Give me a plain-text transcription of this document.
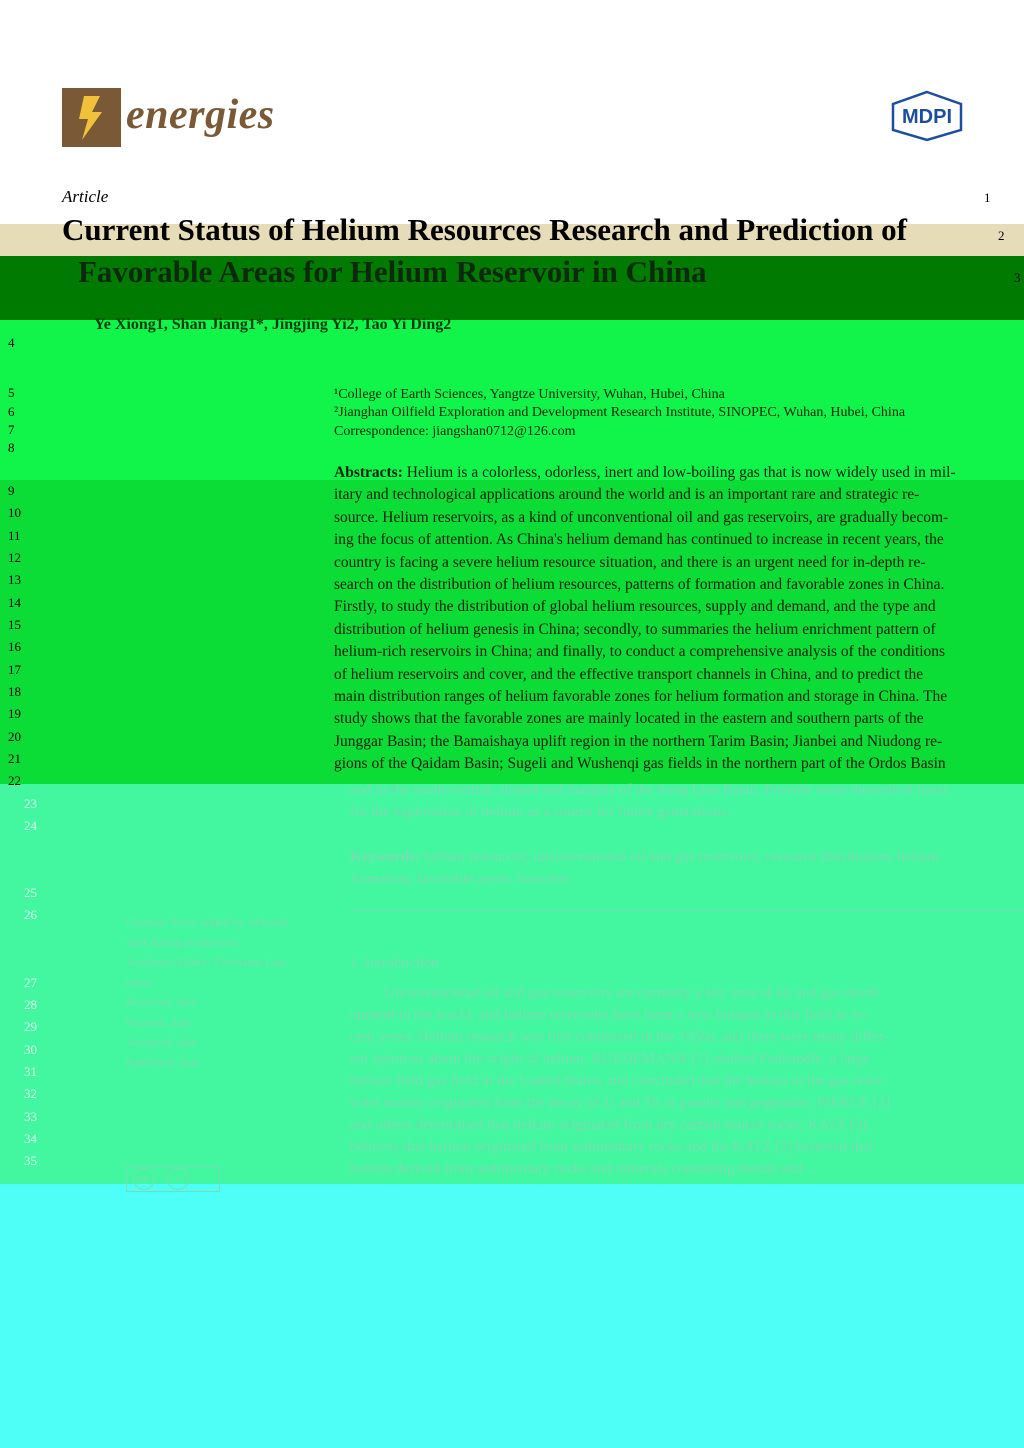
energies	MDPI
Article
Current Status of Helium Resources Research and Prediction of
Favorable Areas for Helium Reservoir in China
Ye Xiong1, Shan Jiang1*, Jingjing Yi2, Tao Yi Ding2
¹College of Earth Sciences, Yangtze University, Wuhan, Hubei, China
²Jianghan Oilfield Exploration and Development Research Institute, SINOPEC, Wuhan, Hubei, China
Correspondence: jiangshan0712@126.com
Abstracts: Helium is a colorless, odorless, inert and low-boiling gas that is now widely used in mil-
itary and technological applications around the world and is an important rare and strategic re-
source. Helium reservoirs, as a kind of unconventional oil and gas reservoirs, are gradually becom-
ing the focus of attention. As China's helium demand has continued to increase in recent years, the
country is facing a severe helium resource situation, and there is an urgent need for in-depth re-
search on the distribution of helium resources, patterns of formation and favorable zones in China.
Firstly, to study the distribution of global helium resources, supply and demand, and the type and
distribution of helium genesis in China; secondly, to summaries the helium enrichment pattern of
helium-rich reservoirs in China; and finally, to conduct a comprehensive analysis of the conditions
of helium reservoirs and cover, and the effective transport channels in China, and to predict the
main distribution ranges of helium favorable zones for helium formation and storage in China. The
study shows that the favorable zones are mainly located in the eastern and southern parts of the
Junggar Basin; the Bamaishaya uplift region in the northern Tarim Basin; Jianbei and Niudong re-
gions of the Qaidam Basin; Sugeli and Wushenqi gas fields in the northern part of the Ordos Basin
and in the south-central, sloped and margins of the Song Liao Basin. Provide some theoretical basis
for the exploration of helium as a source for future generations.
Keywords: helium resources; unconventional oil and gas reservoirs; resource distribution; helium
formation; favorable areas; forecasts
Citation: To be added by editorial
staff during production.
Academic Editor: Firstname Last-
name
Received: date
Revised: date
Accepted: date
Published: date
cc	i
1. Introduction
Unconventional oil and gas reservoirs are currently a key area of oil and gas devel-
opment in the world, and helium reservoirs have been a new hotspot in this field in re-
cent years. Helium research was first conducted in the 1950s, and there were many differ-
ent opinions about the origin of helium. RUEDEMANN [1] studied Panhandle, a large
helium field gas field in the United States, and concluded that the helium in the gas reser-
voirs mainly originated from the decay of U and Th in granite and pegmatite; PIERCE [2]
and others determined that helium originated from dry carbon source rocks; KATZ [3]
believes that helium originated from sedimentary rocks and the KATZ [3] believed that
helium derived from sedimentary rocks and minerals containing metals and ...
1
2
3
4
5
6
7
8
9
10
11
12
13
14
15
16
17
18
19
20
21
22
23
24
25
26
27
28
29
30
31
32
33
34
35
